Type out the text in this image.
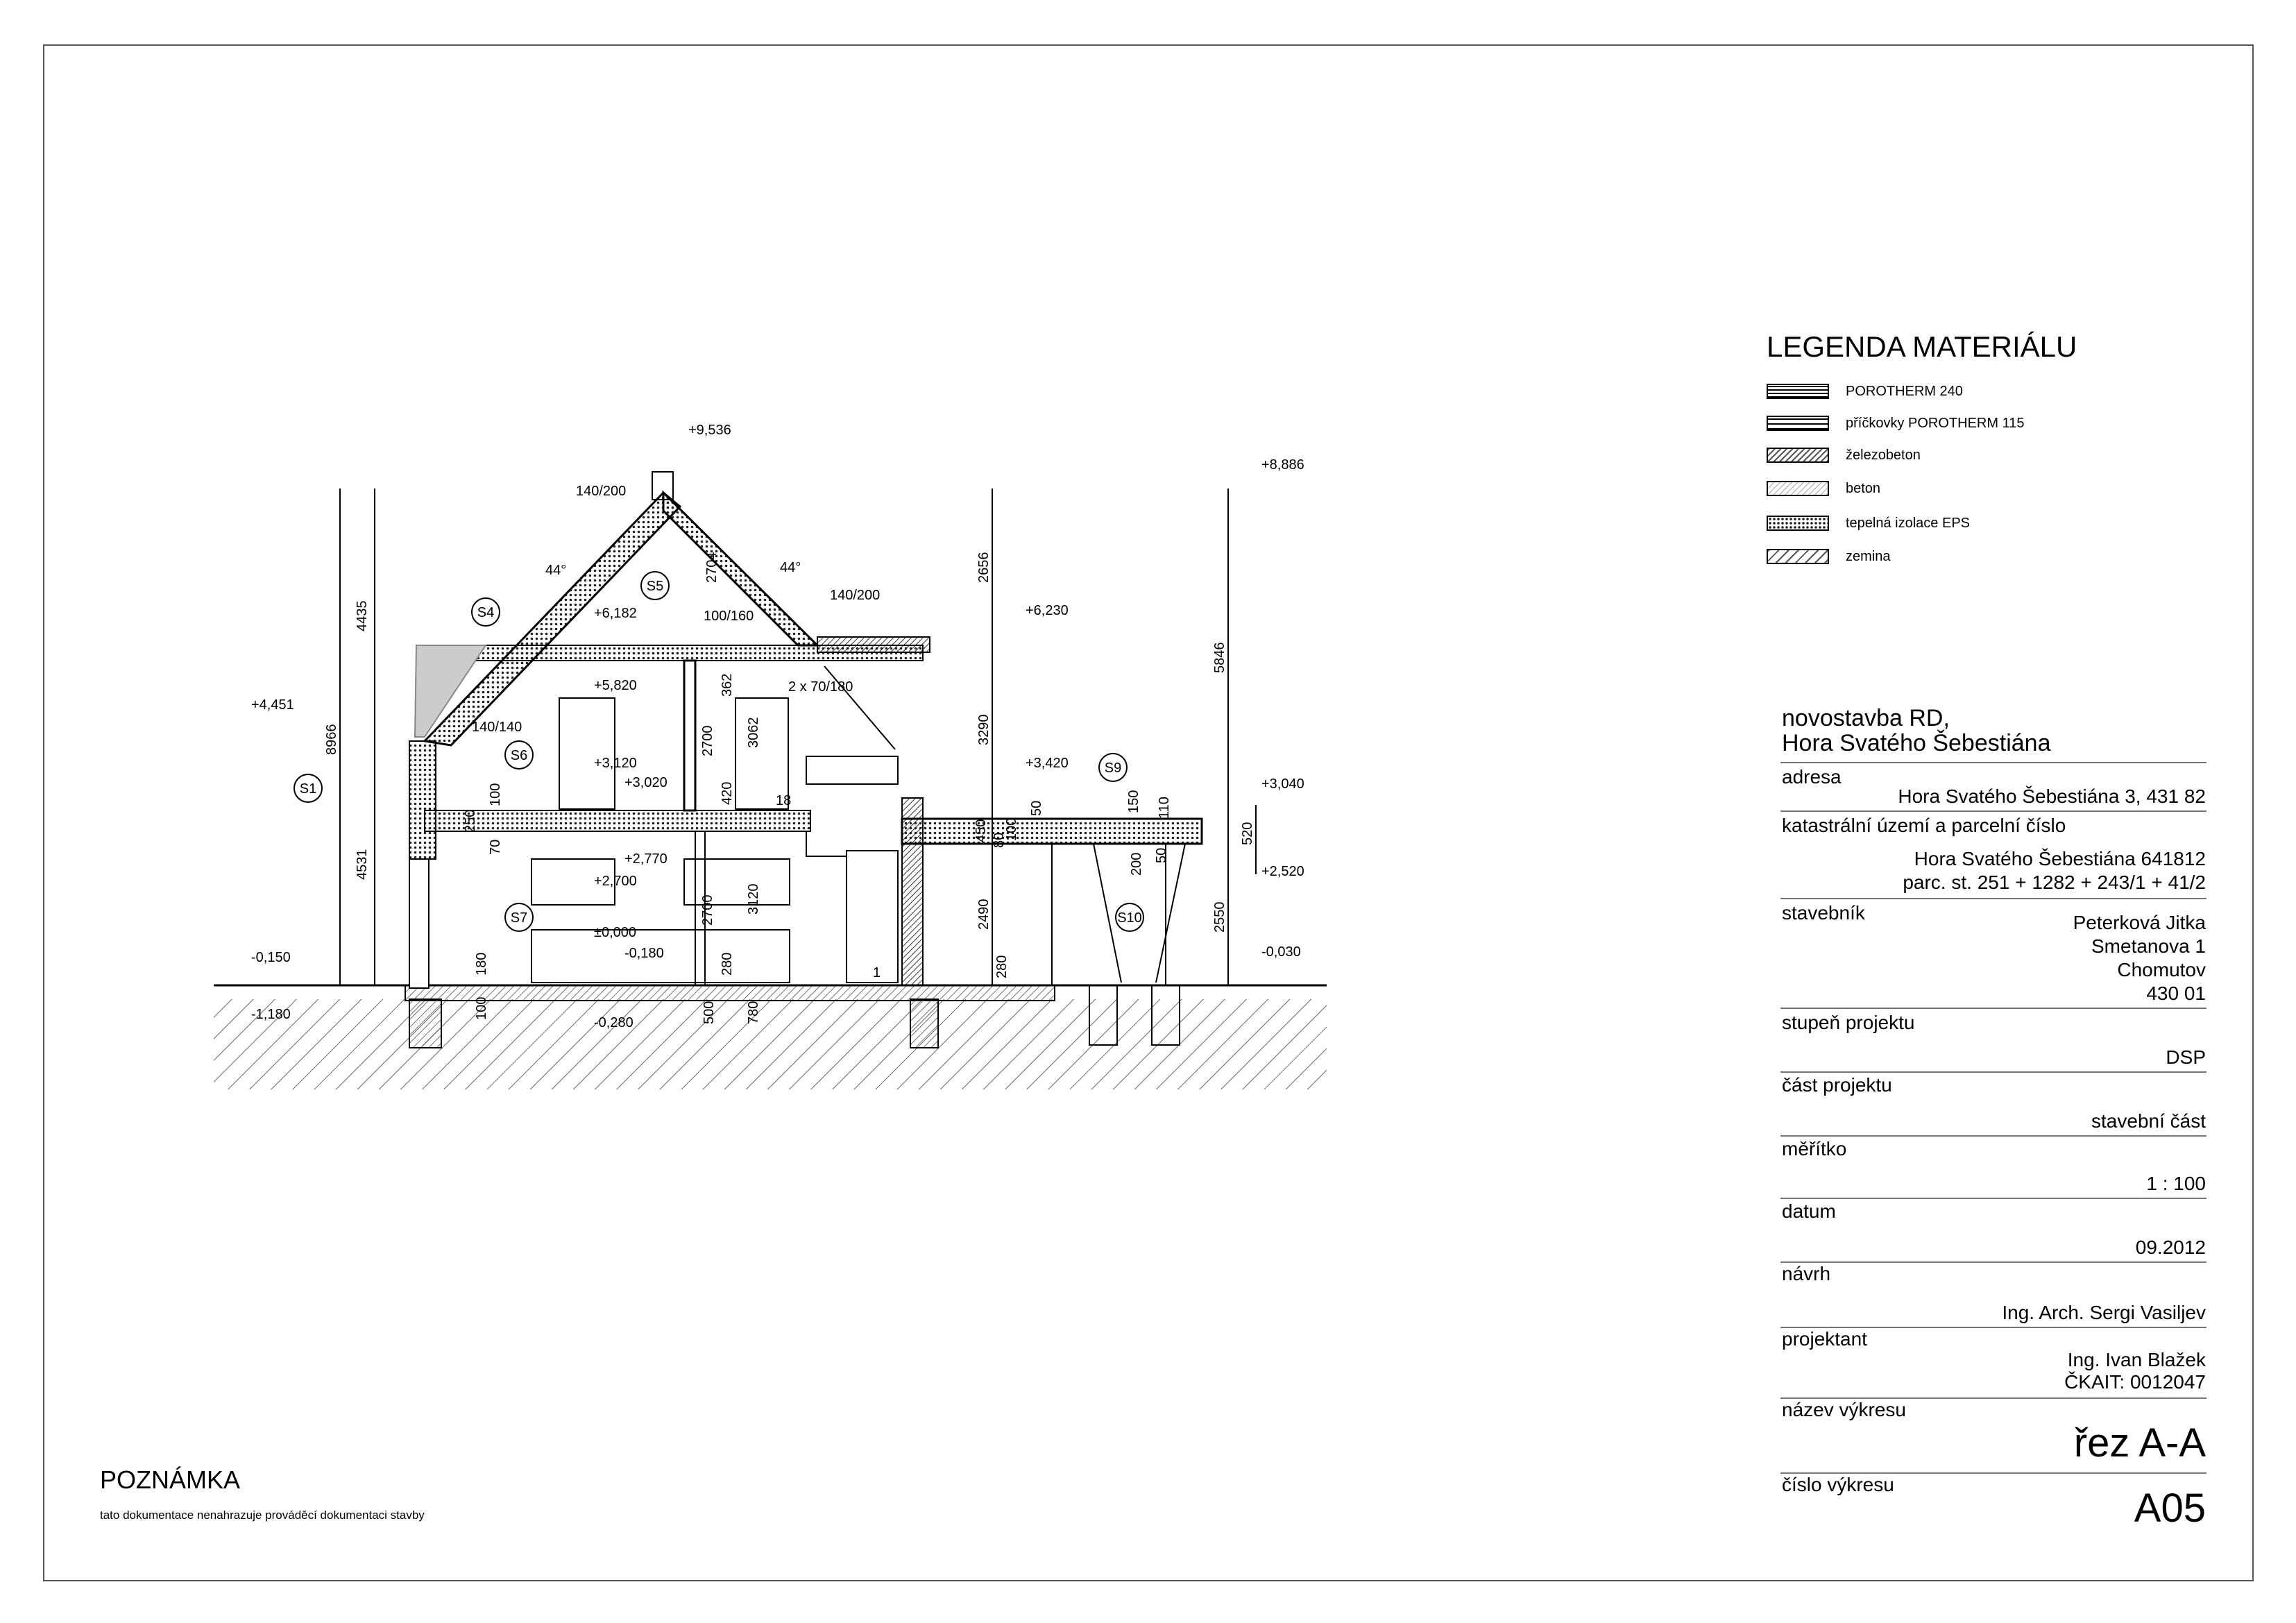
S1
S4
S5
S6
S7
S9
S10
+9,536
+8,886
+6,230
+6,182
+5,820
+4,451
+3,420
+3,120
+3,040
+3,020
+2,770
+2,700
+2,520
±0,000
-0,030
-0,150	-0,180
-0,280
-1,180
4435
8966
4531
2656
3290
2490
5846
2550
520
2704
362
2700 3062
420
2700 3120
250
100
70
180
100
280
500 780
450 100
80
50	150
200
110
50
280
140/200
44°	44°
140/200
100/160
140/140
2 x 70/180
18
1
LEGENDA MATERIÁLU
POROTHERM 240
příčkovky POROTHERM 115
železobeton
beton
tepelná izolace EPS
zemina
novostavba RD,
Hora Svatého Šebestiána
adresa
Hora Svatého Šebestiána 3, 431 82
katastrální území a parcelní číslo
Hora Svatého Šebestiána 641812
parc. st. 251 + 1282 + 243/1 + 41/2
stavebník	Peterková Jitka
Smetanova 1
Chomutov
430 01
stupeň projektu
DSP
část projektu
stavební část
měřítko
1 : 100
datum
09.2012
návrh
Ing. Arch. Sergi Vasiljev
projektant
Ing. Ivan Blažek
ČKAIT: 0012047
název výkresu
řez A-A
číslo výkresu
A05
POZNÁMKA
tato dokumentace nenahrazuje prováděcí dokumentaci stavby
